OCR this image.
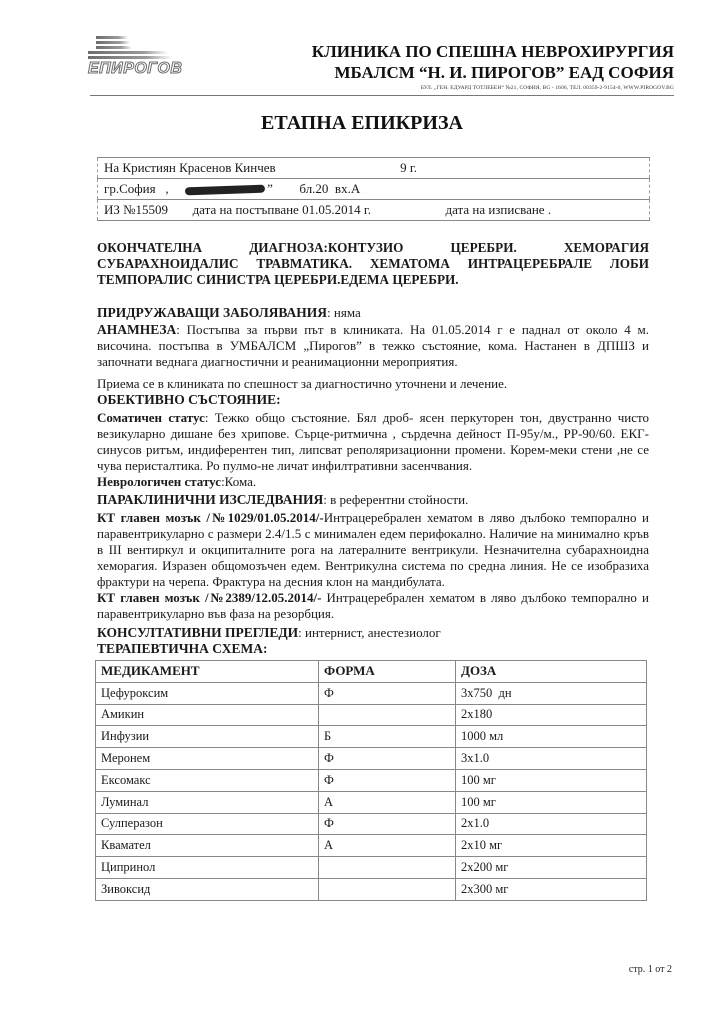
ЕПИРОГОВ
КЛИНИКА ПО СПЕШНА НЕВРОХИРУРГИЯ
МБАЛСМ “Н. И. ПИРОГОВ” ЕАД СОФИЯ
БУЛ. „ГЕН. ЕДУАРД ТОТЛЕБЕН“ №21, СОФИЯ, BG - 1606, ТЕЛ. 00359-2-9154-0, WWW.PIROGOV.BG
ЕТАПНА ЕПИКРИЗА
На Кристиян Красенов Кинчев	9 г.
гр.София   ,	” бл.20  вх.А
ИЗ №15509 дата на постъпване 01.05.2014 г.	дата на изписване .
ОКОНЧАТЕЛНА	ДИАГНОЗА:КОНТУЗИО	ЦЕРЕБРИ.	ХЕМОРАГИЯ
СУБАРАХНОИДАЛИС ТРАВМАТИКА. ХЕМАТОМА ИНТРАЦЕРЕБРАЛЕ ЛОБИ ТЕМПОРАЛИС СИНИСТРА ЦЕРЕБРИ.ЕДЕМА ЦЕРЕБРИ.
ПРИДРУЖАВАЩИ ЗАБОЛЯВАНИЯ: няма
АНАМНЕЗА: Постъпва за първи път в клиниката. На 01.05.2014 г е паднал от около 4 м. височина. постъпва в УМБАЛСМ „Пирогов” в тежко състояние, кома. Настанен в ДПШЗ и започнати веднага диагностични и реанимационни мероприятия.
Приема се в клиниката по спешност за диагностично уточнени и лечение.
ОБЕКТИВНО СЪСТОЯНИЕ:
Соматичен статус: Тежко общо състояние. Бял дроб- ясен перкуторен тон, двустранно чисто везикуларно дишане без хрипове. Сърце-ритмична , сърдечна дейност П-95у/м., РР-90/60. ЕКГ-синусов ритъм, индиферентен тип, липсват реполяризационни промени. Корем-меки стени ,не се чува перисталтика. Ро пулмо-не личат инфилтративни засенчвания.
Неврологичен статус:Кома.
ПАРАКЛИНИЧНИ ИЗСЛЕДВАНИЯ: в референтни стойности.
КТ главен мозък /№1029/01.05.2014/-Интрацеребрален хематом в ляво дълбоко темпорално и паравентрикуларно с размери 2.4/1.5 с минимален едем перифокално. Наличие на минимално кръв в III вентиркул и окципиталните рога на латералните вентрикули. Незначителна субарахноидна хеморагия. Изразен общомозъчен едем. Вентрикулна система по средна линия. Не се изобразиха фрактури на черепа. Фрактура на десния клон на мандибулата.
КТ главен мозък /№2389/12.05.2014/- Интрацеребрален хематом в ляво дълбоко темпорално и паравентрикуларно във фаза на резорбция.
КОНСУЛТАТИВНИ ПРЕГЛЕДИ: интернист, анестезиолог
ТЕРАПЕВТИЧНА СХЕМА:
МЕДИКАМЕНТ	ФОРМА	ДОЗА
Цефуроксим	Ф	3x750  дн
Амикин		2x180
Инфузии	Б	1000 мл
Меронем	Ф	3x1.0
Ексомакс	Ф	100 мг
Луминал	А	100 мг
Сулперазон	Ф	2x1.0
Квамател	А	2x10 мг
Ципринол		2x200 мг
Зивоксид		2x300 мг
стр. 1 от 2
